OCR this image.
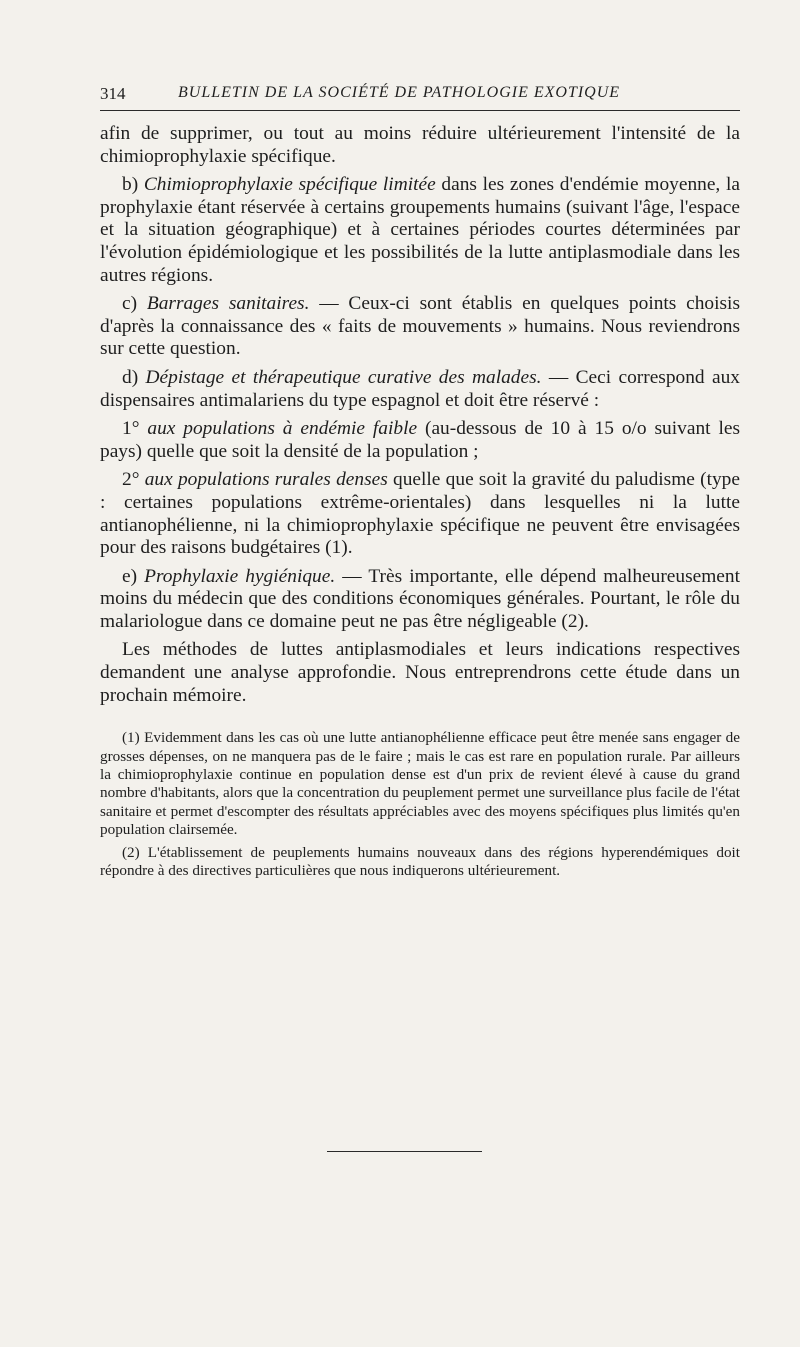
314	BULLETIN DE LA SOCIÉTÉ DE PATHOLOGIE EXOTIQUE

afin de supprimer, ou tout au moins réduire ultérieurement l'intensité de la chimioprophylaxie spécifique.

b) Chimioprophylaxie spécifique limitée dans les zones d'endémie moyenne, la prophylaxie étant réservée à certains groupements humains (suivant l'âge, l'espace et la situation géographique) et à certaines périodes courtes déterminées par l'évolution épidémiologique et les possibilités de la lutte antiplasmodiale dans les autres régions.

c) Barrages sanitaires. — Ceux-ci sont établis en quelques points choisis d'après la connaissance des « faits de mouvements » humains. Nous reviendrons sur cette question.

d) Dépistage et thérapeutique curative des malades. — Ceci correspond aux dispensaires antimalariens du type espagnol et doit être réservé :

1° aux populations à endémie faible (au-dessous de 10 à 15 o/o suivant les pays) quelle que soit la densité de la population ;

2° aux populations rurales denses quelle que soit la gravité du paludisme (type : certaines populations extrême-orientales) dans lesquelles ni la lutte antianophélienne, ni la chimioprophylaxie spécifique ne peuvent être envisagées pour des raisons budgétaires (1).

e) Prophylaxie hygiénique. — Très importante, elle dépend malheureusement moins du médecin que des conditions économiques générales. Pourtant, le rôle du malariologue dans ce domaine peut ne pas être négligeable (2).

Les méthodes de luttes antiplasmodiales et leurs indications respectives demandent une analyse approfondie. Nous entreprendrons cette étude dans un prochain mémoire.

(1) Evidemment dans les cas où une lutte antianophélienne efficace peut être menée sans engager de grosses dépenses, on ne manquera pas de le faire ; mais le cas est rare en population rurale. Par ailleurs la chimioprophylaxie continue en population dense est d'un prix de revient élevé à cause du grand nombre d'habitants, alors que la concentration du peuplement permet une surveillance plus facile de l'état sanitaire et permet d'escompter des résultats appréciables avec des moyens spécifiques plus limités qu'en population clairsemée.

(2) L'établissement de peuplements humains nouveaux dans des régions hyperendémiques doit répondre à des directives particulières que nous indiquerons ultérieurement.
